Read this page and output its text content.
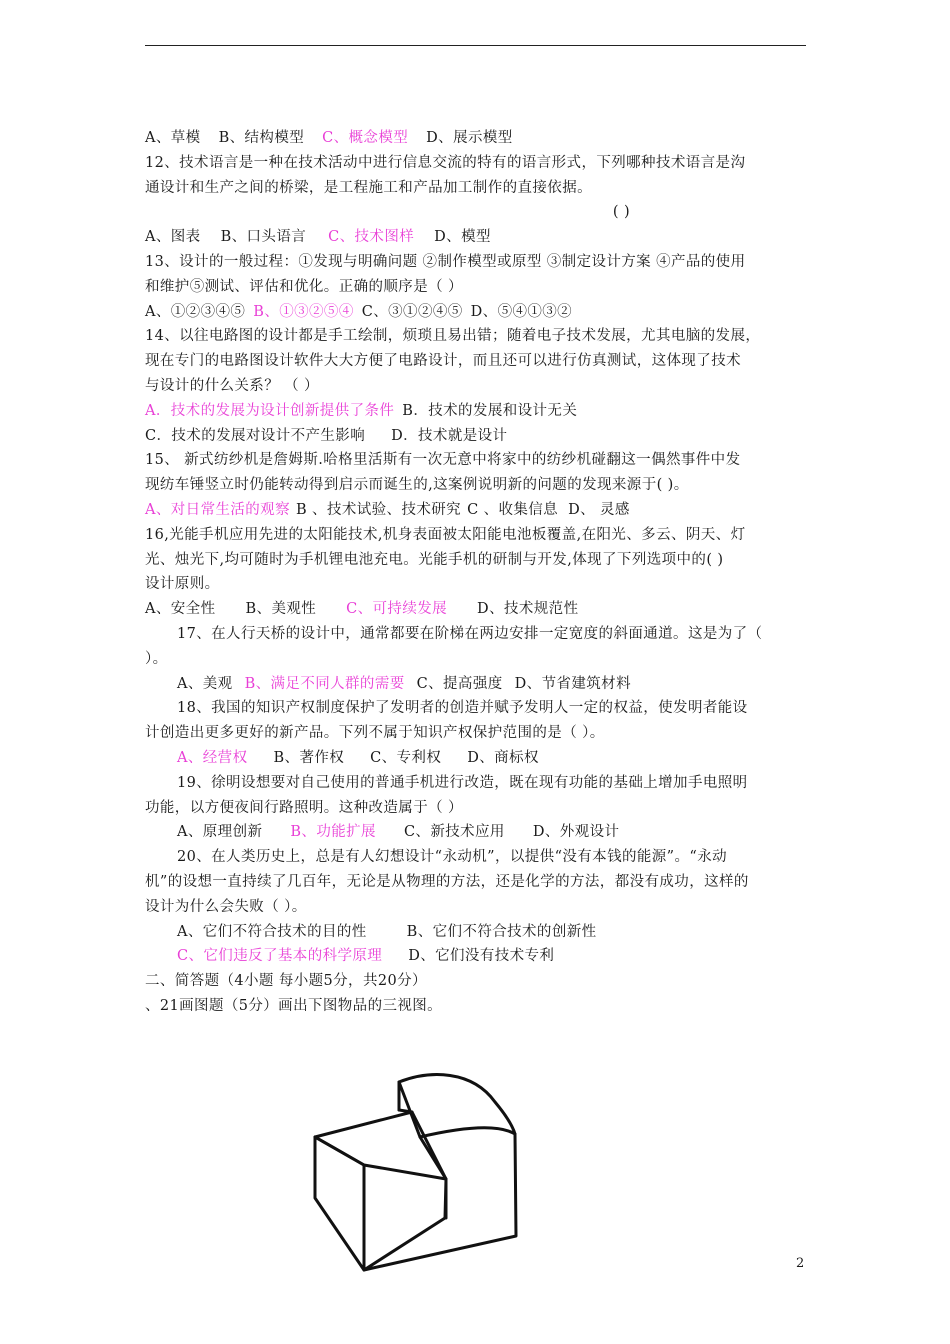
A、草模 B、结构模型 C、概念模型 D、展示模型
12、技术语言是一种在技术活动中进行信息交流的特有的语言形式，下列哪种技术语言是沟
通设计和生产之间的桥梁，是工程施工和产品加工制作的直接依据。
( )
A、图表 B、口头语言 C、技术图样 D、模型
13、设计的一般过程：①发现与明确问题 ②制作模型或原型 ③制定设计方案 ④产品的使用
和维护⑤测试、评估和优化。正确的顺序是（ ）
A、①②③④⑤ B、①③②⑤④ C、③①②④⑤ D、⑤④①③②
14、以往电路图的设计都是手工绘制，烦琐且易出错；随着电子技术发展，尤其电脑的发展，
现在专门的电路图设计软件大大方便了电路设计，而且还可以进行仿真测试，这体现了技术
与设计的什么关系？ （ ）
A．技术的发展为设计创新提供了条件 B．技术的发展和设计无关
C．技术的发展对设计不产生影响 D．技术就是设计
15、 新式纺纱机是詹姆斯.哈格里活斯有一次无意中将家中的纺纱机碰翻这一偶然事件中发
现纺车锤竖立时仍能转动得到启示而诞生的,这案例说明新的问题的发现来源于( )。
A、对日常生活的观察 B 、技术试验、技术研究 C 、收集信息 D、 灵感
16,光能手机应用先进的太阳能技术,机身表面被太阳能电池板覆盖,在阳光、多云、阴天、灯
光、烛光下,均可随时为手机锂电池充电。光能手机的研制与开发,体现了下列选项中的( )
设计原则。
A、安全性 B、美观性 C、可持续发展 D、技术规范性
17、在人行天桥的设计中，通常都要在阶梯在两边安排一定宽度的斜面通道。这是为了（
）。
A、美观 B、满足不同人群的需要 C、提高强度 D、节省建筑材料
18、我国的知识产权制度保护了发明者的创造并赋予发明人一定的权益，使发明者能设
计创造出更多更好的新产品。下列不属于知识产权保护范围的是（ ）。
A、经营权 B、著作权 C、专利权 D、商标权
19、徐明设想要对自己使用的普通手机进行改造，既在现有功能的基础上增加手电照明
功能，以方便夜间行路照明。这种改造属于（ ）
A、原理创新 B、功能扩展 C、新技术应用 D、外观设计
20、在人类历史上，总是有人幻想设计“永动机”，以提供“没有本钱的能源”。“永动
机”的设想一直持续了几百年，无论是从物理的方法，还是化学的方法，都没有成功，这样的
设计为什么会失败（ ）。
A、它们不符合技术的目的性	B、它们不符合技术的创新性
C、它们违反了基本的科学原理 D、它们没有技术专利
二、简答题（4小题 每小题5分，共20分）
、21画图题（5分）画出下图物品的三视图。
2
